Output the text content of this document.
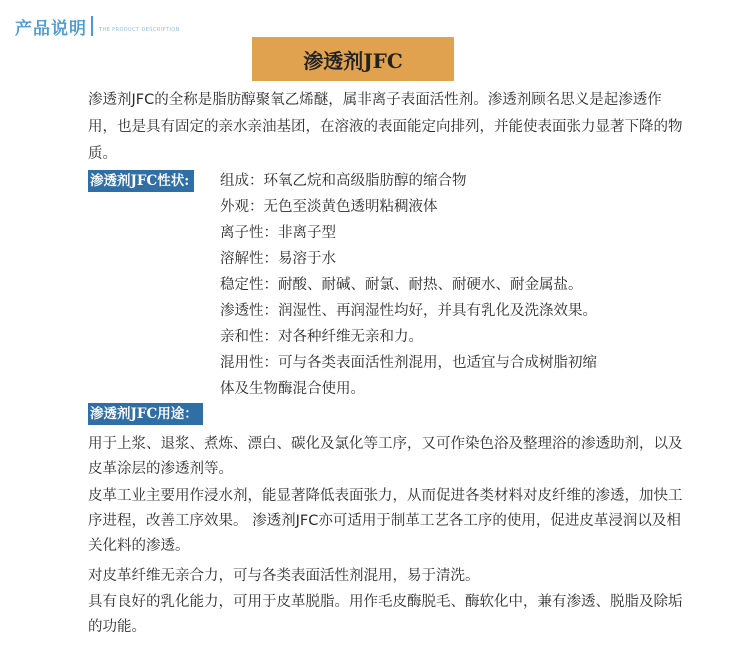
产品说明 THE PRODUCT DESCRIPTION
渗透剂JFC
渗透剂JFC的全称是脂肪醇聚氧乙烯醚，属非离子表面活性剂。渗透剂顾名思义是起渗透作用，也是具有固定的亲水亲油基团，在溶液的表面能定向排列，并能使表面张力显著下降的物质。
渗透剂JFC性状:	组成：环氧乙烷和高级脂肪醇的缩合物
外观：无色至淡黄色透明粘稠液体
离子性：非离子型
溶解性：易溶于水
稳定性：耐酸、耐碱、耐氯、耐热、耐硬水、耐金属盐。
渗透性：润湿性、再润湿性均好，并具有乳化及洗涤效果。
亲和性：对各种纤维无亲和力。
混用性：可与各类表面活性剂混用，也适宜与合成树脂初缩
体及生物酶混合使用。
渗透剂JFC用途：
用于上浆、退浆、煮炼、漂白、碳化及氯化等工序，又可作染色浴及整理浴的渗透助剂，以及皮革涂层的渗透剂等。
皮革工业主要用作浸水剂，能显著降低表面张力，从而促进各类材料对皮纤维的渗透，加快工序进程，改善工序效果。 渗透剂JFC亦可适用于制革工艺各工序的使用，促进皮革浸润以及相关化料的渗透。
对皮革纤维无亲合力，可与各类表面活性剂混用，易于清洗。
具有良好的乳化能力，可用于皮革脱脂。用作毛皮酶脱毛、酶软化中，兼有渗透、脱脂及除垢的功能。
